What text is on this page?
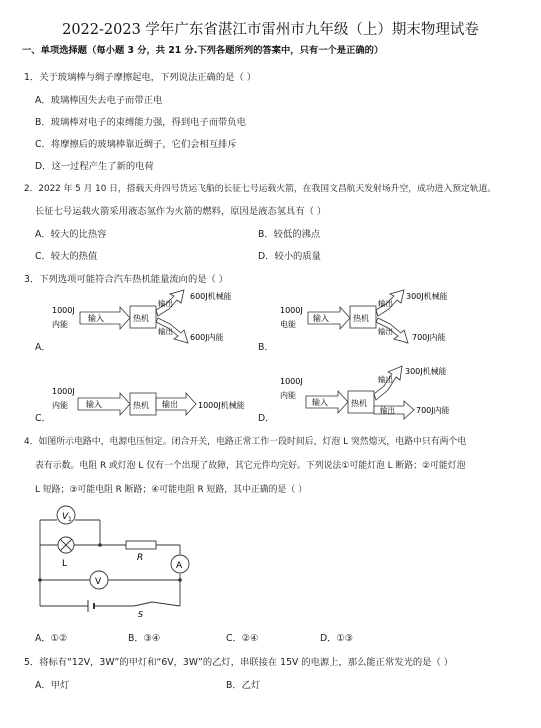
2022-2023 学年广东省湛江市雷州市九年级（上）期末物理试卷
一、单项选择题（每小题 3 分，共 21 分.下列各题所列的答案中，只有一个是正确的）
1．关于玻璃棒与绸子摩擦起电，下列说法正确的是（ ）
A．玻璃棒因失去电子而带正电
B．玻璃棒对电子的束缚能力强，得到电子而带负电
C．将摩擦后的玻璃棒靠近绸子，它们会相互排斥
D．这一过程产生了新的电荷
2．2022 年 5 月 10 日，搭载天舟四号货运飞船的长征七号运载火箭，在我国文昌航天发射场升空，成功进入预定轨道。
长征七号运载火箭采用液态氢作为火箭的燃料，原因是液态氢具有（ ）
A．较大的比热容	B．较低的沸点
C．较大的热值	D．较小的质量
3．下列选项可能符合汽车热机能量流向的是（ ）
A．	B．
C．	D．
1000J
内能
输入	热机
输出
输出
600J机械能
600J内能
1000J
电能
输入	热机
输出
输出
300J机械能
700J内能
1000J
内能 输入	热机 输出	1000J机械能
1000J
内能
输入	热机
输出
输出
300J机械能
700J内能
4．如图所示电路中，电源电压恒定。闭合开关，电路正常工作一段时间后，灯泡 L 突然熄灭，电路中只有两个电
表有示数。电阻 R 或灯泡 L 仅有一个出现了故障，其它元件均完好。下列说法①可能灯泡 L 断路；②可能灯泡
L 短路；③可能电阻 R 断路；④可能电阻 R 短路，其中正确的是（ ）
V 1
L
R
A
V
S
A．①②	B．③④	C．②④	D．①③
5．将标有“12V，3W”的甲灯和“6V，3W”的乙灯，串联接在 15V 的电源上，那么能正常发光的是（ ）
A．甲灯	B．乙灯
